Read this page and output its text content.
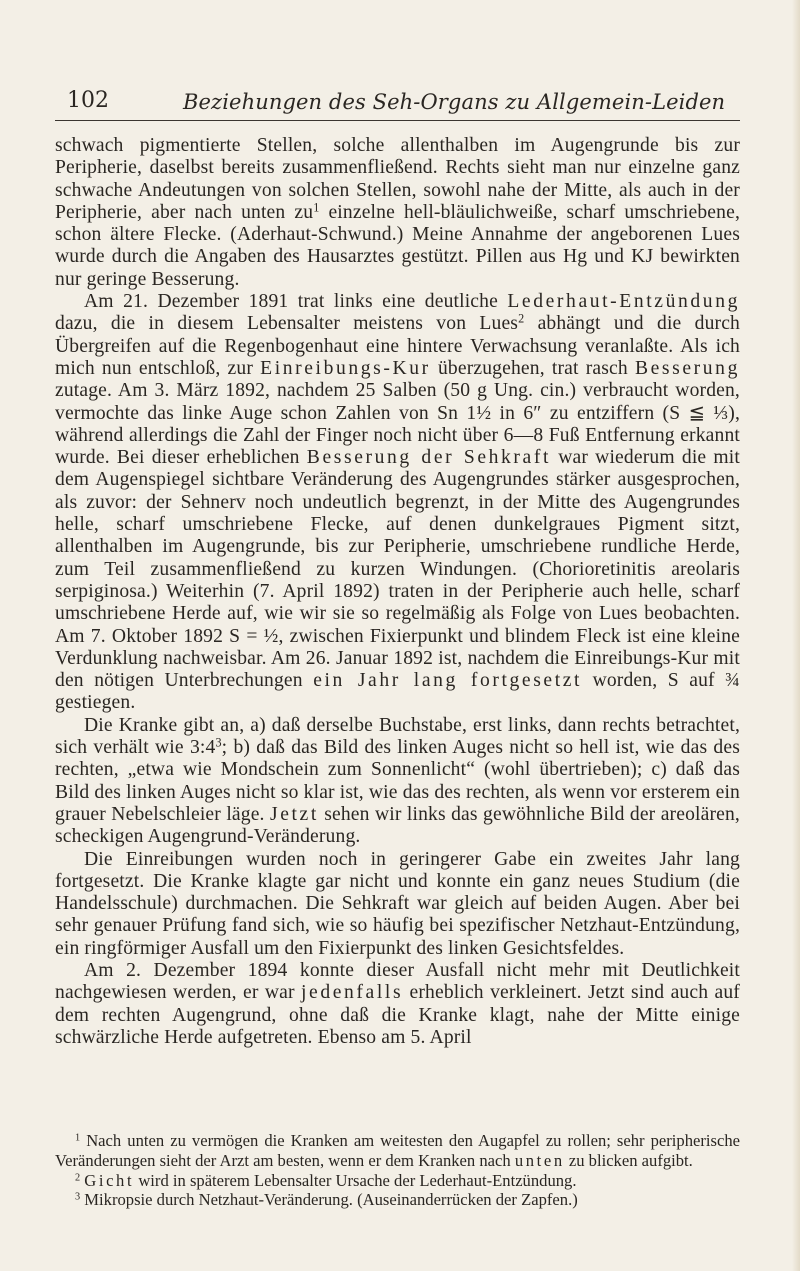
102	Beziehungen des Seh-Organs zu Allgemein-Leiden

schwach pigmentierte Stellen, solche allenthalben im Augengrunde bis zur Peripherie, daselbst bereits zusammenfließend. Rechts sieht man nur einzelne ganz schwache Andeutungen von solchen Stellen, sowohl nahe der Mitte, als auch in der Peripherie, aber nach unten $zu^1$ einzelne hell-bläulichweiße, scharf umschriebene, schon ältere Flecke. (Aderhaut-Schwund.) Meine Annahme der angeborenen Lues wurde durch die Angaben des Hausarztes gestützt. Pillen aus Hg und KJ bewirkten nur geringe Besserung.

Am 21. Dezember 1891 trat links eine deutliche Lederhaut-Entzündung dazu, die in diesem Lebensalter meistens von Lues$^2$ abhängt und die durch Übergreifen auf die Regenbogenhaut eine hintere Verwachsung veranlaßte. Als ich mich nun entschloß, zur Einreibungs-Kur überzugehen, trat rasch Besserung zutage. Am 3. März 1892, nachdem 25 Salben (50 g Ung. cin.) verbraucht worden, vermochte das linke Auge schon Zahlen von Sn 1½ in 6″ zu entziffern (S ≦ ⅓), während allerdings die Zahl der Finger noch nicht über 6—8 Fuß Entfernung erkannt wurde. Bei dieser erheblichen Besserung der Sehkraft war wiederum die mit dem Augenspiegel sichtbare Veränderung des Augengrundes stärker ausgesprochen, als zuvor: der Sehnerv noch undeutlich begrenzt, in der Mitte des Augengrundes helle, scharf umschriebene Flecke, auf denen dunkelgraues Pigment sitzt, allenthalben im Augengrunde, bis zur Peripherie, umschriebene rundliche Herde, zum Teil zusammenfließend zu kurzen Windungen. (Chorioretinitis areolaris serpiginosa.) Weiterhin (7. April 1892) traten in der Peripherie auch helle, scharf umschriebene Herde auf, wie wir sie so regelmäßig als Folge von Lues beobachten. Am 7. Oktober 1892 S = ½, zwischen Fixierpunkt und blindem Fleck ist eine kleine Verdunklung nachweisbar. Am 26. Januar 1892 ist, nachdem die Einreibungs-Kur mit den nötigen Unterbrechungen ein Jahr lang fortgesetzt worden, S auf ¾ gestiegen.

Die Kranke gibt an, a) daß derselbe Buchstabe, erst links, dann rechts betrachtet, sich verhält wie $3:4^3$; b) daß das Bild des linken Auges nicht so hell ist, wie das des rechten, „etwa wie Mondschein zum Sonnenlicht“ (wohl übertrieben); c) daß das Bild des linken Auges nicht so klar ist, wie das des rechten, als wenn vor ersterem ein grauer Nebelschleier läge. Jetzt sehen wir links das gewöhnliche Bild der areolären, scheckigen Augengrund-Veränderung.

Die Einreibungen wurden noch in geringerer Gabe ein zweites Jahr lang fortgesetzt. Die Kranke klagte gar nicht und konnte ein ganz neues Studium (die Handelsschule) durchmachen. Die Sehkraft war gleich auf beiden Augen. Aber bei sehr genauer Prüfung fand sich, wie so häufig bei spezifischer Netzhaut-Entzündung, ein ringförmiger Ausfall um den Fixierpunkt des linken Gesichtsfeldes.

Am 2. Dezember 1894 konnte dieser Ausfall nicht mehr mit Deutlichkeit nachgewiesen werden, er war jedenfalls erheblich verkleinert. Jetzt sind auch auf dem rechten Augengrund, ohne daß die Kranke klagt, nahe der Mitte einige schwärzliche Herde aufgetreten. Ebenso am 5. April

$^1$ Nach unten zu vermögen die Kranken am weitesten den Augapfel zu rollen; sehr peripherische Veränderungen sieht der Arzt am besten, wenn er dem Kranken nach unten zu blicken aufgibt.

$^2$ Gicht wird in späterem Lebensalter Ursache der Lederhaut-Entzündung.

$^3$ Mikropsie durch Netzhaut-Veränderung. (Auseinanderrücken der Zapfen.)
